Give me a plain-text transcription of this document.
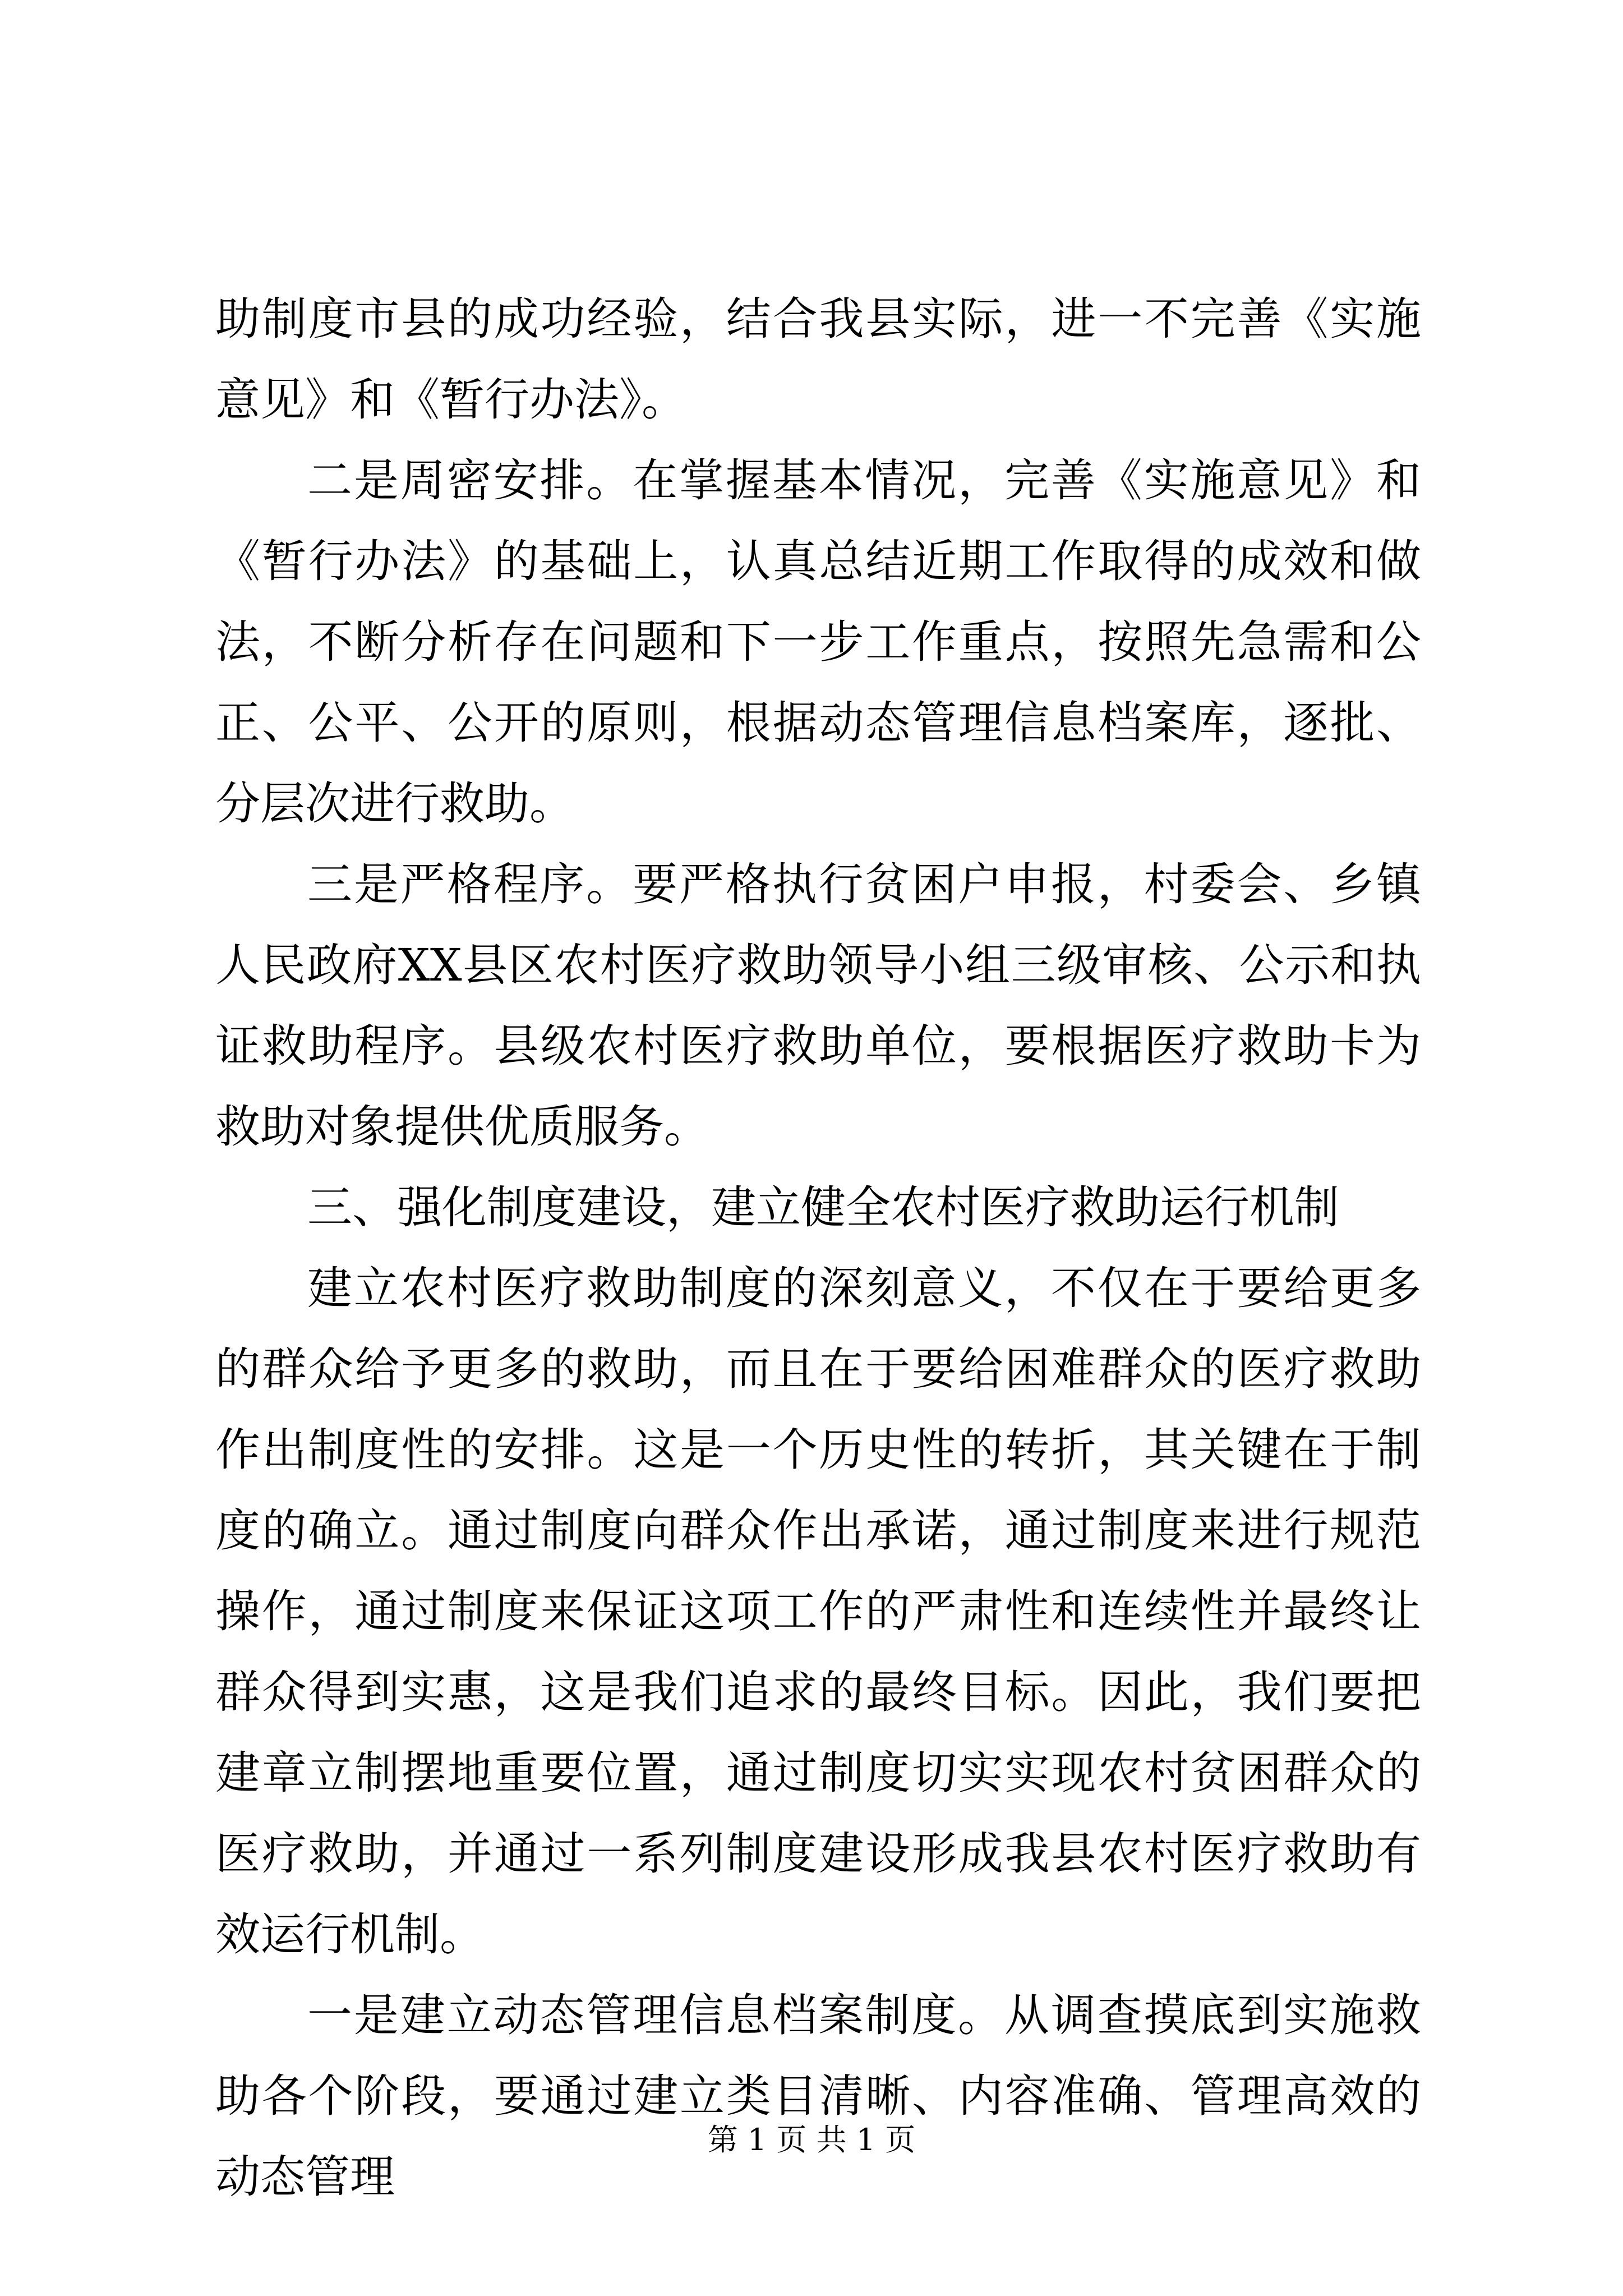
助制度市县的成功经验，结合我县实际，进一不完善《实施意见》和《暂行办法》。

二是周密安排。在掌握基本情况，完善《实施意见》和《暂行办法》的基础上，认真总结近期工作取得的成效和做法，不断分析存在问题和下一步工作重点，按照先急需和公正、公平、公开的原则，根据动态管理信息档案库，逐批、分层次进行救助。

三是严格程序。要严格执行贫困户申报，村委会、乡镇人民政府XX县区农村医疗救助领导小组三级审核、公示和执证救助程序。县级农村医疗救助单位，要根据医疗救助卡为救助对象提供优质服务。

三、强化制度建设，建立健全农村医疗救助运行机制

建立农村医疗救助制度的深刻意义，不仅在于要给更多的群众给予更多的救助，而且在于要给困难群众的医疗救助作出制度性的安排。这是一个历史性的转折，其关键在于制度的确立。通过制度向群众作出承诺，通过制度来进行规范操作，通过制度来保证这项工作的严肃性和连续性并最终让群众得到实惠，这是我们追求的最终目标。因此，我们要把建章立制摆地重要位置，通过制度切实实现农村贫困群众的医疗救助，并通过一系列制度建设形成我县农村医疗救助有效运行机制。

一是建立动态管理信息档案制度。从调查摸底到实施救助各个阶段，要通过建立类目清晰、内容准确、管理高效的动态管理

第 1 页 共 1 页
